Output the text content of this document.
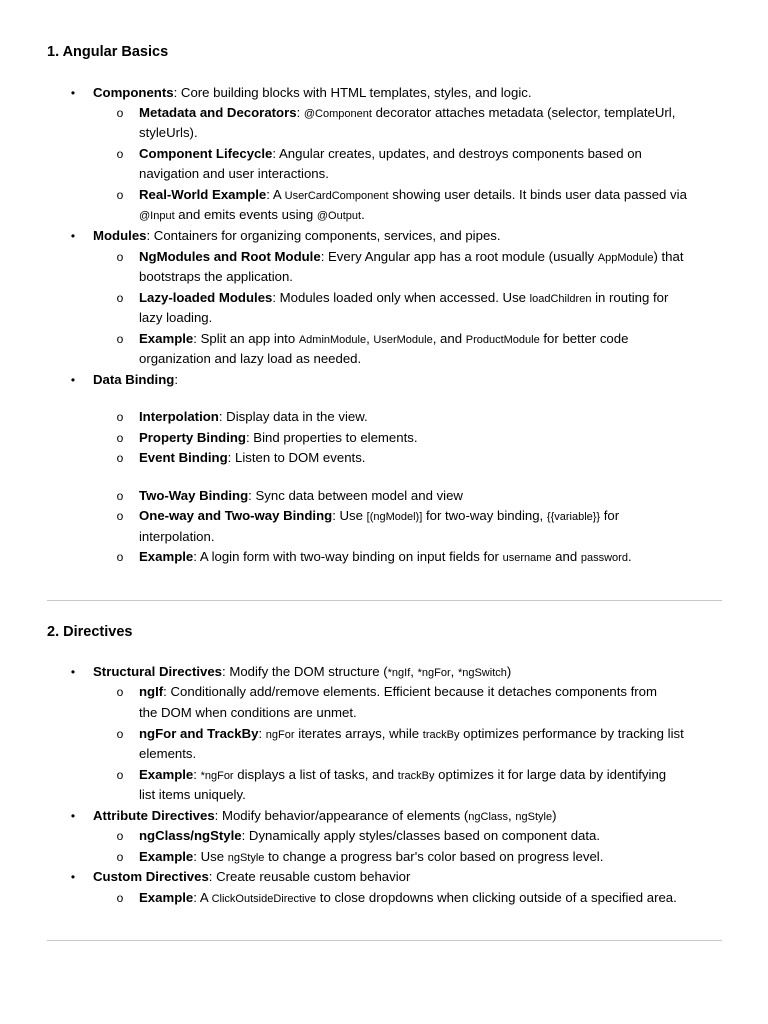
1. Angular Basics
• Components: Core building blocks with HTML templates, styles, and logic.
o Metadata and Decorators: @Component decorator attaches metadata (selector, templateUrl,
styleUrls).
o Component Lifecycle: Angular creates, updates, and destroys components based on
navigation and user interactions.
o Real-World Example: A UserCardComponent showing user details. It binds user data passed via
@Input and emits events using @Output.
• Modules: Containers for organizing components, services, and pipes.
o NgModules and Root Module: Every Angular app has a root module (usually AppModule) that
bootstraps the application.
o Lazy-loaded Modules: Modules loaded only when accessed. Use loadChildren in routing for
lazy loading.
o Example: Split an app into AdminModule, UserModule, and ProductModule for better code
organization and lazy load as needed.
• Data Binding:
o Interpolation: Display data in the view.
o Property Binding: Bind properties to elements.
o Event Binding: Listen to DOM events.
o Two-Way Binding: Sync data between model and view
o One-way and Two-way Binding: Use [(ngModel)] for two-way binding, {{variable}} for
interpolation.
o Example: A login form with two-way binding on input fields for username and password.
2. Directives
• Structural Directives: Modify the DOM structure (*ngIf, *ngFor, *ngSwitch)
o ngIf: Conditionally add/remove elements. Efficient because it detaches components from
the DOM when conditions are unmet.
o ngFor and TrackBy: ngFor iterates arrays, while trackBy optimizes performance by tracking list
elements.
o Example: *ngFor displays a list of tasks, and trackBy optimizes it for large data by identifying
list items uniquely.
• Attribute Directives: Modify behavior/appearance of elements (ngClass, ngStyle)
o ngClass/ngStyle: Dynamically apply styles/classes based on component data.
o Example: Use ngStyle to change a progress bar's color based on progress level.
• Custom Directives: Create reusable custom behavior
o Example: A ClickOutsideDirective to close dropdowns when clicking outside of a specified area.
